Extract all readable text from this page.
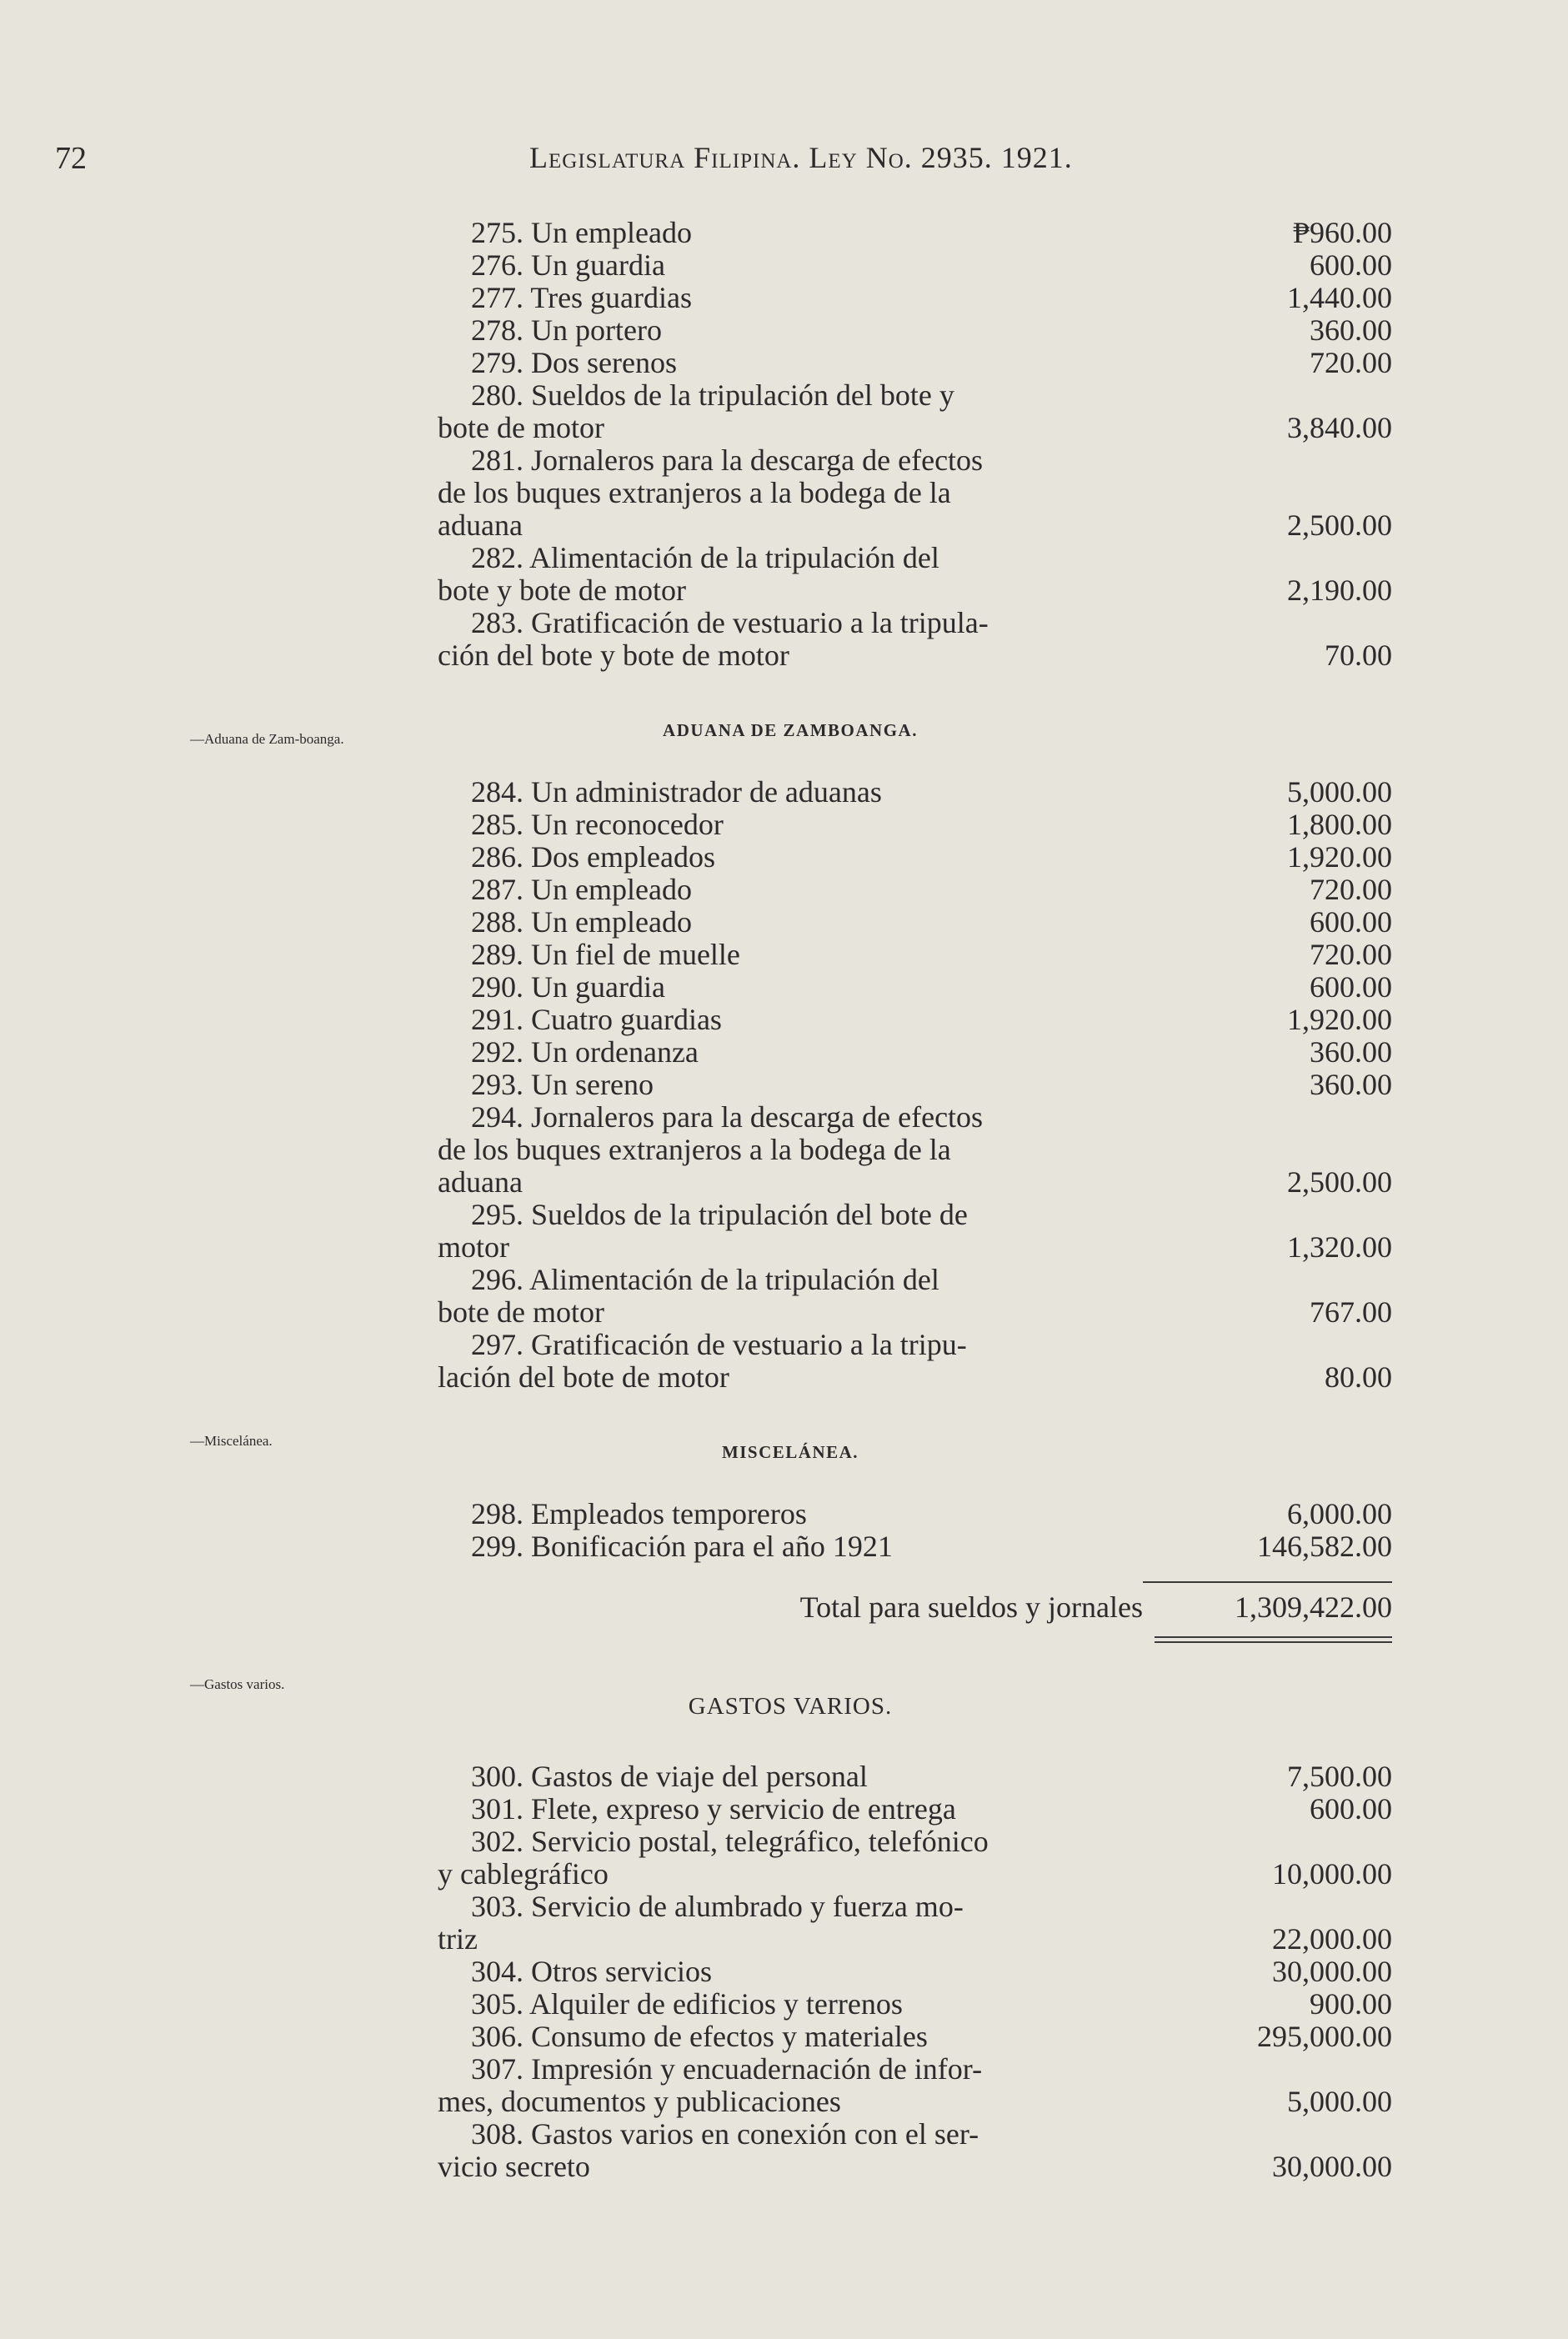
72	Legislatura Filipina. Ley No. 2935. 1921.
—Aduana de Zam-boanga.
—Miscelánea.
—Gastos varios.
275. Un empleado	₱960.00
276. Un guardia	600.00
277. Tres guardias	1,440.00
278. Un portero	360.00
279. Dos serenos	720.00
280. Sueldos de la tripulación del bote y
bote de motor	3,840.00
281. Jornaleros para la descarga de efectos
de los buques extranjeros a la bodega de la
aduana	2,500.00
282. Alimentación de la tripulación del
bote y bote de motor	2,190.00
283. Gratificación de vestuario a la tripula-
ción del bote y bote de motor	70.00
ADUANA DE ZAMBOANGA.
284. Un administrador de aduanas	5,000.00
285. Un reconocedor	1,800.00
286. Dos empleados	1,920.00
287. Un empleado	720.00
288. Un empleado	600.00
289. Un fiel de muelle	720.00
290. Un guardia	600.00
291. Cuatro guardias	1,920.00
292. Un ordenanza	360.00
293. Un sereno	360.00
294. Jornaleros para la descarga de efectos
de los buques extranjeros a la bodega de la
aduana	2,500.00
295. Sueldos de la tripulación del bote de
motor	1,320.00
296. Alimentación de la tripulación del
bote de motor	767.00
297. Gratificación de vestuario a la tripu-
lación del bote de motor	80.00
MISCELÁNEA.
298. Empleados temporeros	6,000.00
299. Bonificación para el año 1921	146,582.00
Total para sueldos y jornales	1,309,422.00
GASTOS VARIOS.
300. Gastos de viaje del personal	7,500.00
301. Flete, expreso y servicio de entrega	600.00
302. Servicio postal, telegráfico, telefónico
y cablegráfico	10,000.00
303. Servicio de alumbrado y fuerza mo-
triz	22,000.00
304. Otros servicios	30,000.00
305. Alquiler de edificios y terrenos	900.00
306. Consumo de efectos y materiales	295,000.00
307. Impresión y encuadernación de infor-
mes, documentos y publicaciones	5,000.00
308. Gastos varios en conexión con el ser-
vicio secreto	30,000.00
